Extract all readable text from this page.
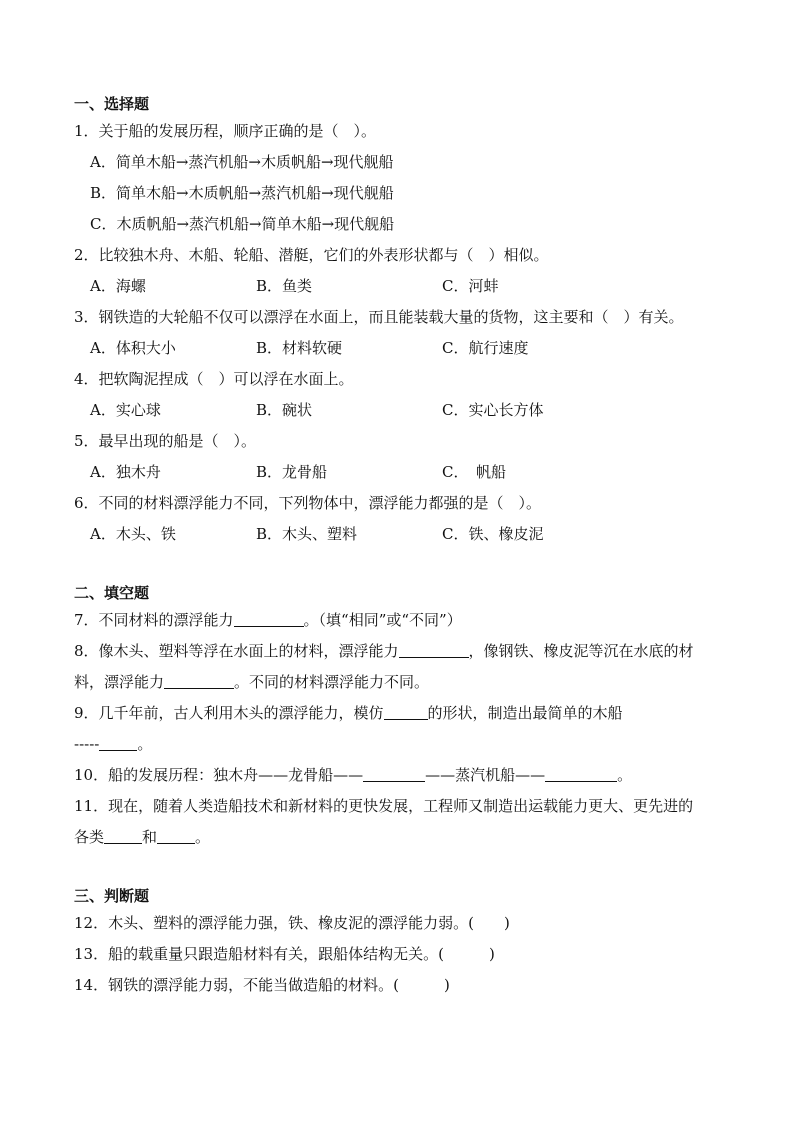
一、选择题
1．关于船的发展历程，顺序正确的是（　）。
A．简单木船→蒸汽机船→木质帆船→现代舰船
B．简单木船→木质帆船→蒸汽机船→现代舰船
C．木质帆船→蒸汽机船→简单木船→现代舰船
2．比较独木舟、木船、轮船、潜艇，它们的外表形状都与（　）相似。
A．海螺	B．鱼类	C．河蚌
3．钢铁造的大轮船不仅可以漂浮在水面上，而且能装载大量的货物，这主要和（　）有关。
A．体积大小	B．材料软硬	C．航行速度
4．把软陶泥捏成（　）可以浮在水面上。
A．实心球	B．碗状	C．实心长方体
5．最早出现的船是（　）。
A．独木舟	B．龙骨船	C．　帆船
6．不同的材料漂浮能力不同，下列物体中，漂浮能力都强的是（　）。
A．木头、铁	B．木头、塑料	C．铁、橡皮泥
二、填空题
7．不同材料的漂浮能力	。（填“相同”或“不同”）
8．像木头、塑料等浮在水面上的材料，漂浮能力	，像钢铁、橡皮泥等沉在水底的材
料，漂浮能力	。不同的材料漂浮能力不同。
9．几千年前，古人利用木头的漂浮能力，模仿	的形状，制造出最简单的木船
-----	。
10．船的发展历程：独木舟——龙骨船——	——蒸汽机船——	。
11．现在，随着人类造船技术和新材料的更快发展，工程师又制造出运载能力更大、更先进的
各类	和	。
三、判断题
12．木头、塑料的漂浮能力强，铁、橡皮泥的漂浮能力弱。(　　)
13．船的载重量只跟造船材料有关，跟船体结构无关。(　　　)
14．钢铁的漂浮能力弱，不能当做造船的材料。(　　　)
